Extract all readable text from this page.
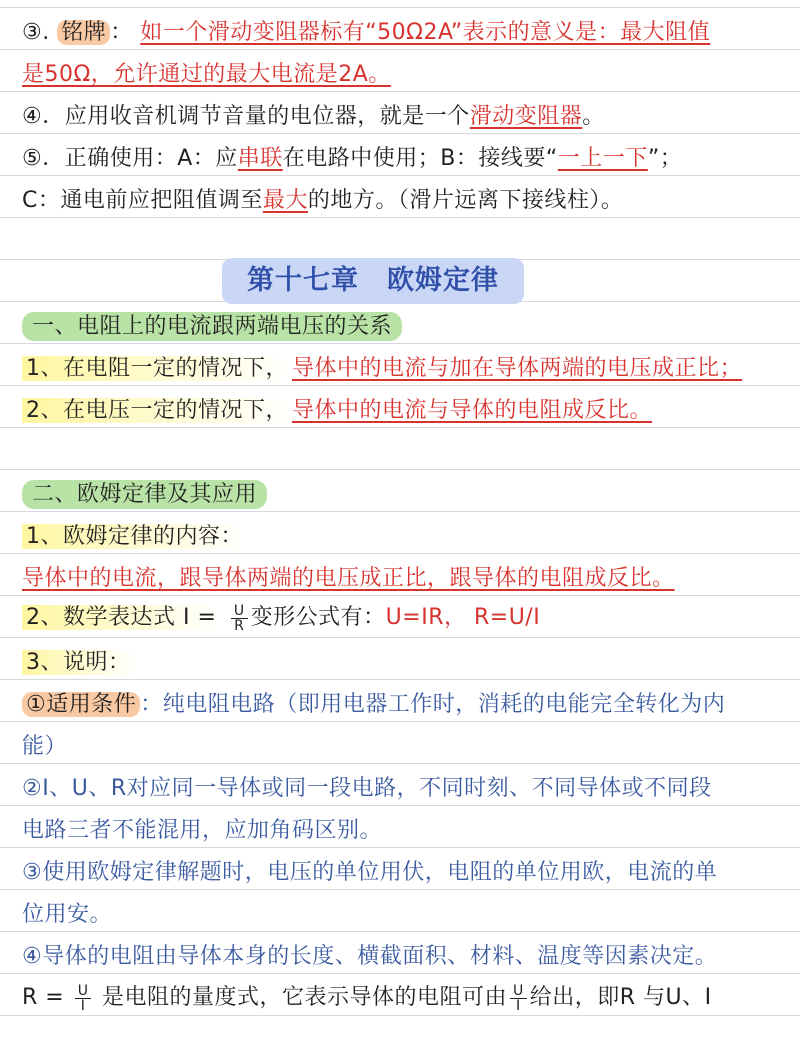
③. 铭牌 ： 如一个滑动变阻器标有“50Ω2A”表示的意义是：最大阻值
是50Ω，允许通过的最大电流是2A。
④．应用收音机调节音量的电位器，就是一个滑动变阻器。
⑤．正确使用：A：应串联在电路中使用；B：接线要“一上一下”；
C：通电前应把阻值调至最大的地方。（滑片远离下接线柱）。
第十七章　欧姆定律
一、电阻上的电流跟两端电压的关系
1、在电阻一定的情况下， 导体中的电流与加在导体两端的电压成正比；
2、在电压一定的情况下， 导体中的电流与导体的电阻成反比。
二、欧姆定律及其应用
1、欧姆定律的内容：
导体中的电流，跟导体两端的电压成正比，跟导体的电阻成反比。
2、数学表达式 $I = \frac{U}{R}$ 变形公式有：U=IR， R=U/I
3、说明：
①适用条件 ：纯电阻电路（即用电器工作时，消耗的电能完全转化为内
能）
②I、U、R对应同一导体或同一段电路，不同时刻、不同导体或不同段
电路三者不能混用，应加角码区别。
③使用欧姆定律解题时，电压的单位用伏，电阻的单位用欧，电流的单
位用安。
④导体的电阻由导体本身的长度、横截面积、材料、温度等因素决定。
$R = \frac{U}{I}$ 是电阻的量度式，它表示导体的电阻可由 $\frac{U}{I}$ 给出，即R 与U、I
